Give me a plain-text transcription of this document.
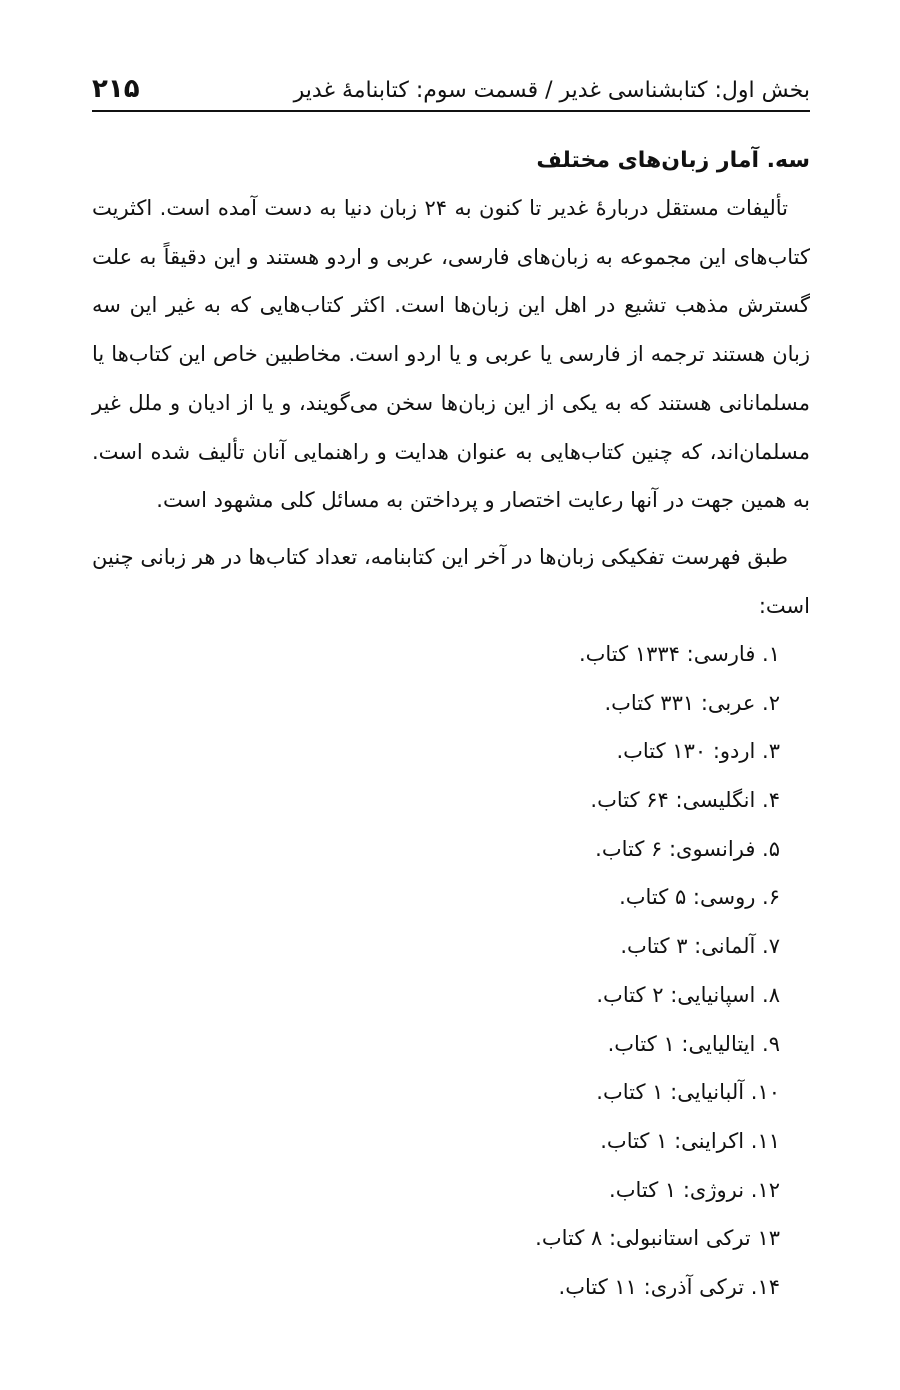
بخش اول: کتابشناسی غدیر / قسمت سوم: کتابنامهٔ غدیر
۲۱۵
سه. آمار زبان‌های مختلف

تألیفات مستقل دربارهٔ غدیر تا کنون به ۲۴ زبان دنیا به دست آمده است. اکثریت کتاب‌های این مجموعه به زبان‌های فارسی، عربی و اردو هستند و این دقیقاً به علت گسترش مذهب تشیع در اهل این زبان‌ها است. اکثر کتاب‌هایی که به غیر این سه زبان هستند ترجمه از فارسی یا عربی و یا اردو است. مخاطبین خاص این کتاب‌ها یا مسلمانانی هستند که به یکی از این زبان‌ها سخن می‌گویند، و یا از ادیان و ملل غیر مسلمان‌اند، که چنین کتاب‌هایی به عنوان هدایت و راهنمایی آنان تألیف شده است. به همین جهت در آنها رعایت اختصار و پرداختن به مسائل کلی مشهود است.

طبق فهرست تفکیکی زبان‌ها در آخر این کتابنامه، تعداد کتاب‌ها در هر زبانی چنین است:

۱. فارسی: ۱۳۳۴ کتاب.
۲. عربی: ۳۳۱ کتاب.
۳. اردو: ۱۳۰ کتاب.
۴. انگلیسی: ۶۴ کتاب.
۵. فرانسوی: ۶ کتاب.
۶. روسی: ۵ کتاب.
۷. آلمانی: ۳ کتاب.
۸. اسپانیایی: ۲ کتاب.
۹. ایتالیایی: ۱ کتاب.
۱۰. آلبانیایی: ۱ کتاب.
۱۱. اکراینی: ۱ کتاب.
۱۲. نروژی: ۱ کتاب.
۱۳ ترکی استانبولی: ۸ کتاب.
۱۴. ترکی آذری: ۱۱ کتاب.
